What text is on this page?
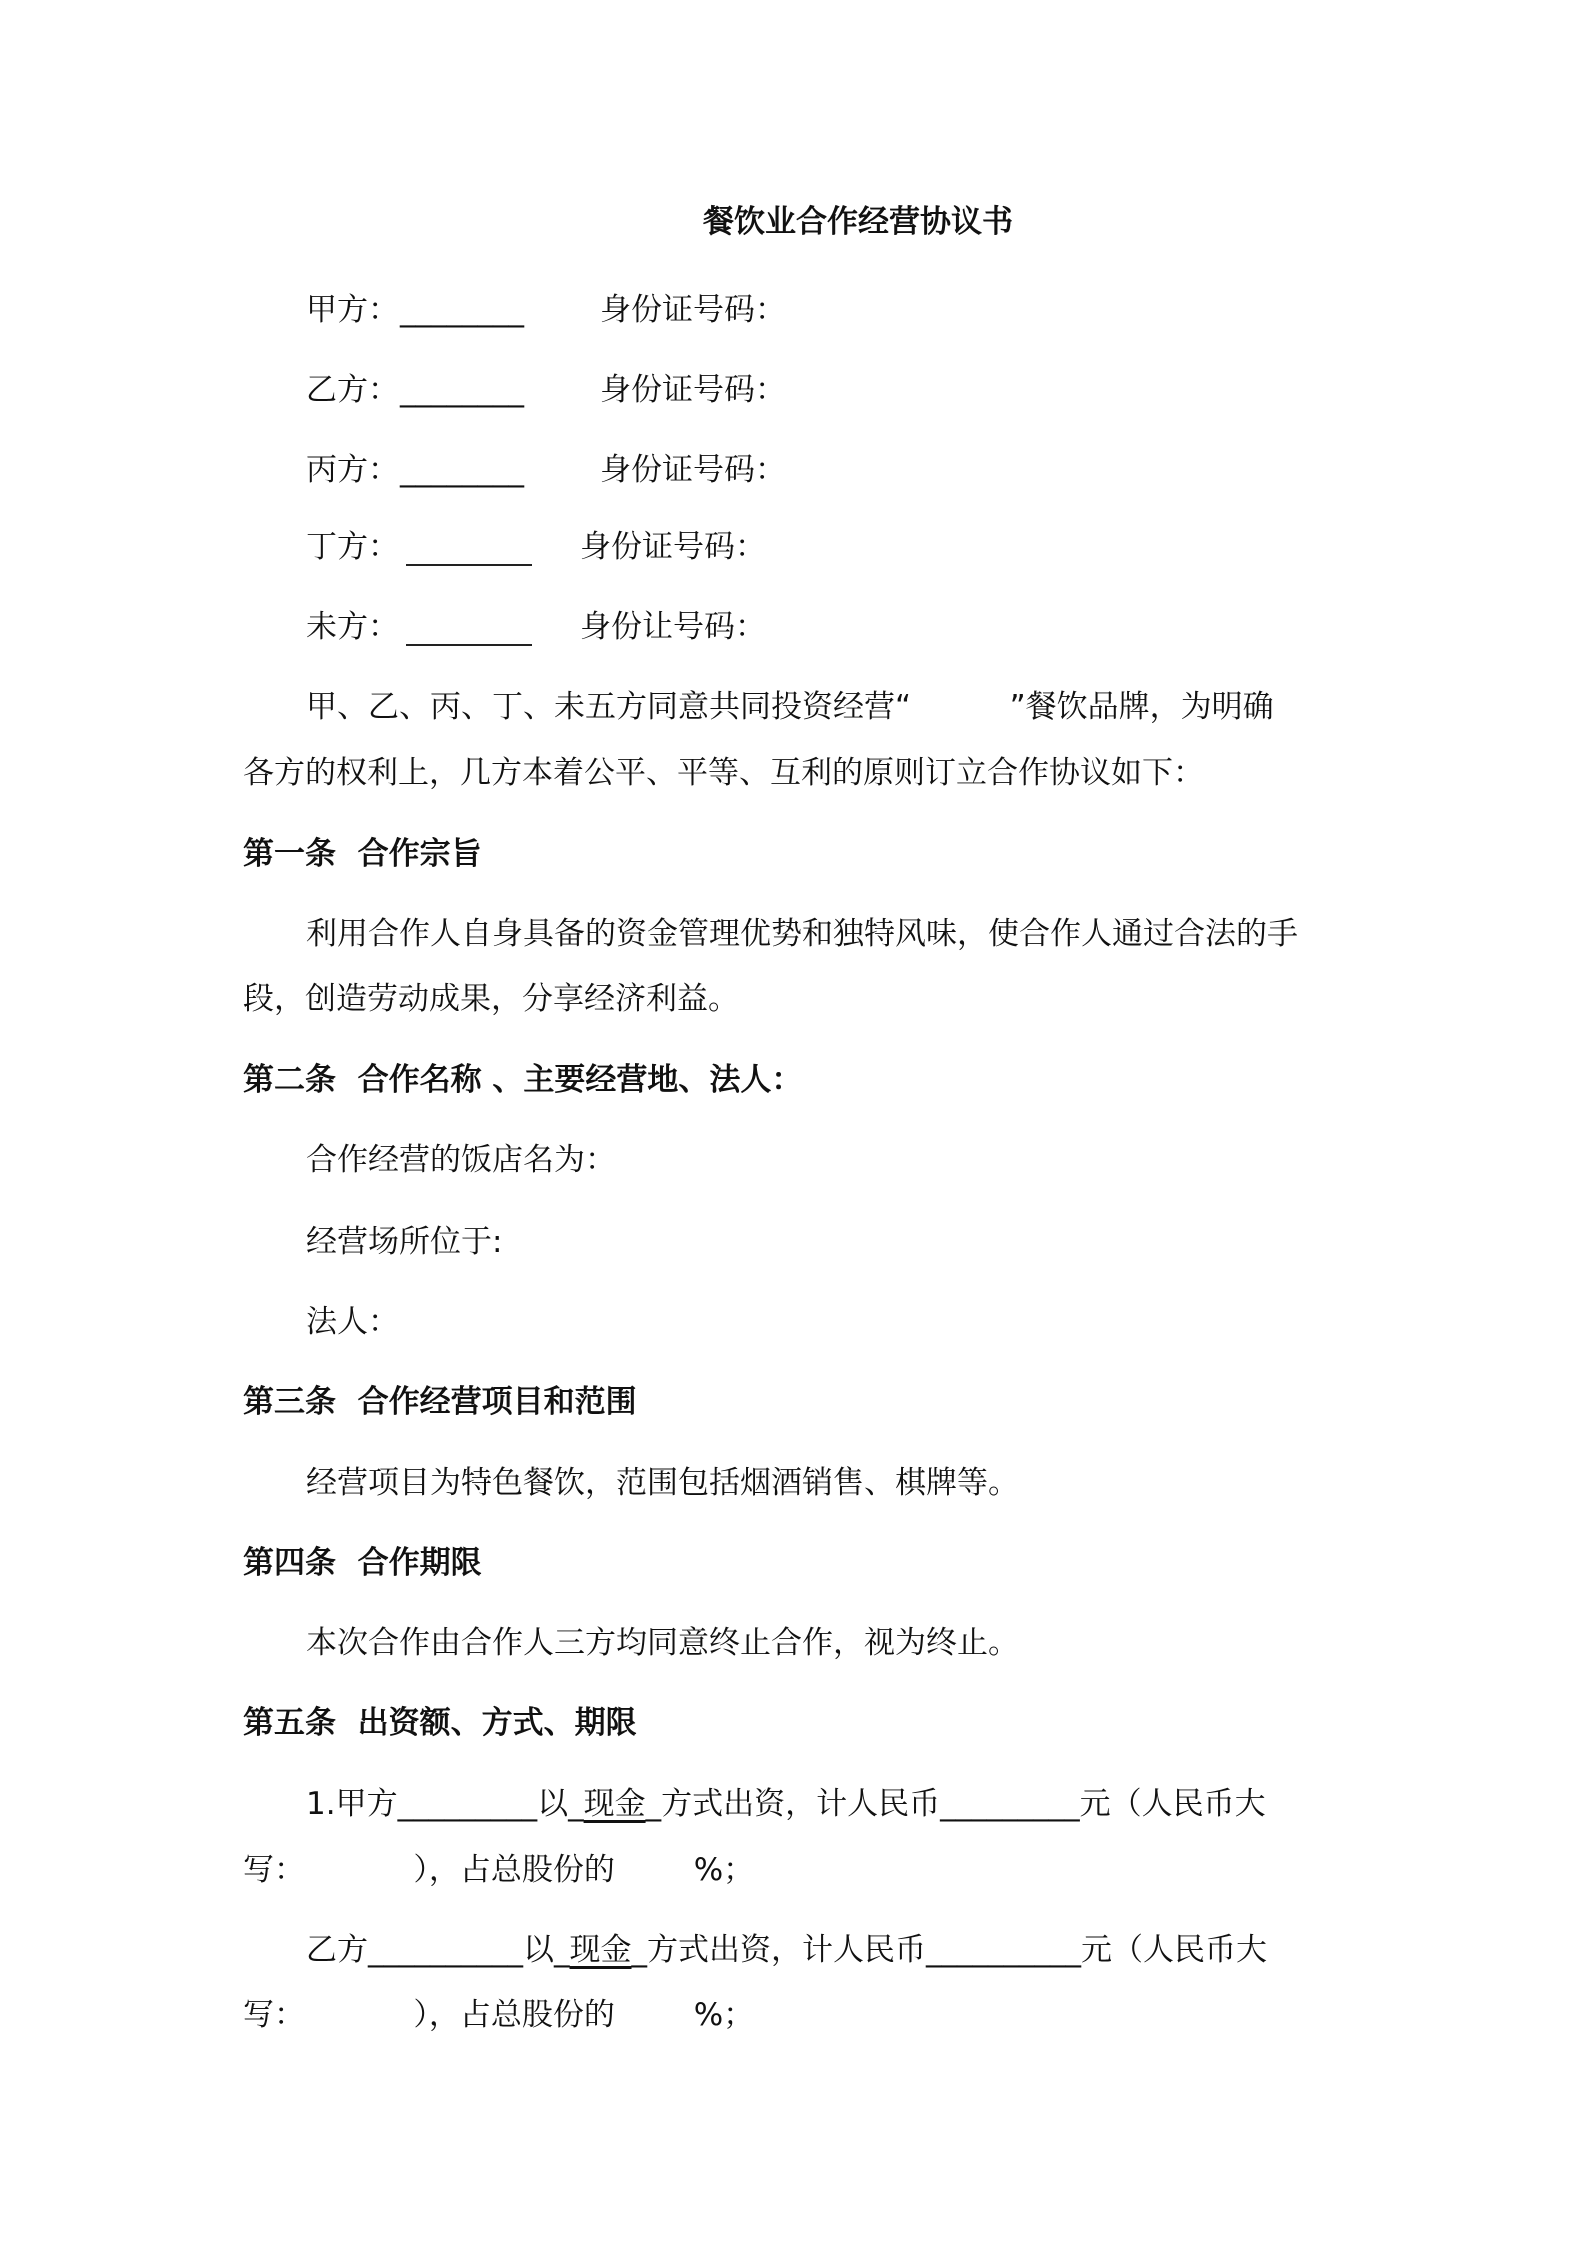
餐饮业合作经营协议书
甲方： ________ 身份证号码：
乙方： ________ 身份证号码：
丙方： ________ 身份证号码：
丁方：	身份证号码：
未方：	身份让号码：
甲、乙、丙、丁、未五方同意共同投资经营“          ”餐饮品牌，为明确
各方的权利上，几方本着公平、平等、互利的原则订立合作协议如下：
第一条  合作宗旨
利用合作人自身具备的资金管理优势和独特风味，使合作人通过合法的手
段，创造劳动成果，分享经济利益。
第二条  合作名称 、主要经营地、法人：
合作经营的饭店名为：
经营场所位于:
法人：
第三条  合作经营项目和范围
经营项目为特色餐饮，范围包括烟酒销售、棋牌等。
第四条  合作期限
本次合作由合作人三方均同意终止合作，视为终止。
第五条  出资额、方式、期限
1.甲方_________以_现金_方式出资，计人民币_________元（人民币大
写：           ），占总股份的        %；
乙方__________以_现金_方式出资，计人民币__________元（人民币大
写：           ），占总股份的        %；
